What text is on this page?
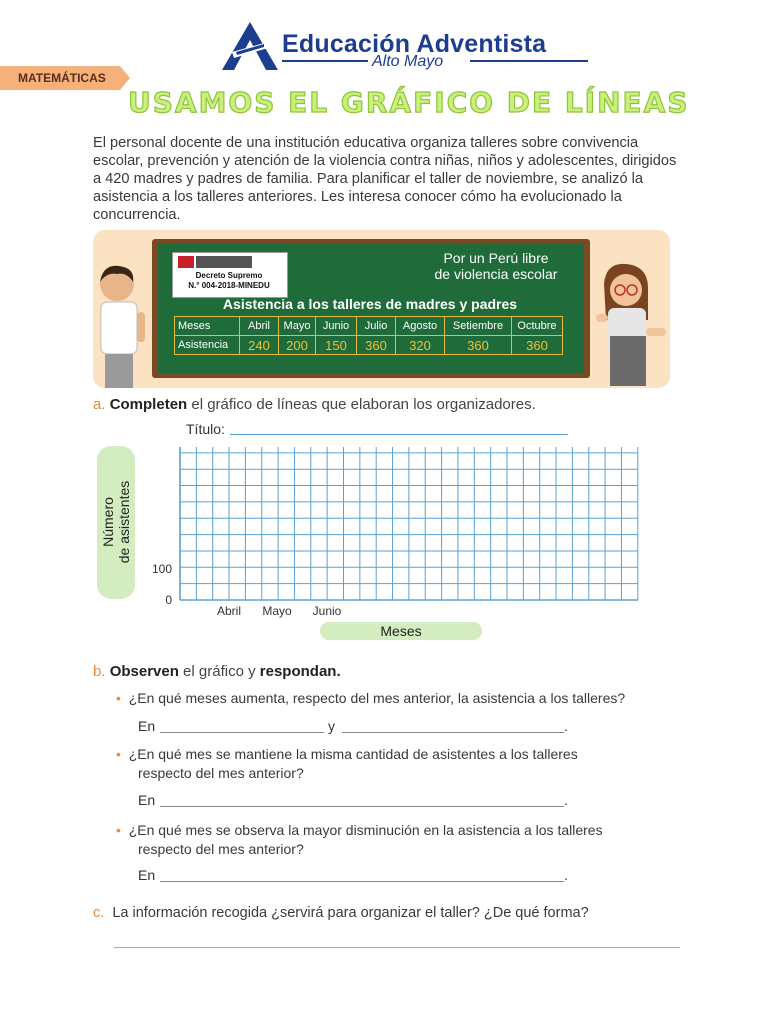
Educación Adventista
Alto Mayo
MATEMÁTICAS
USAMOS EL GRÁFICO DE LÍNEAS
El personal docente de una institución educativa organiza talleres sobre convivencia escolar, prevención y atención de la violencia contra niñas, niños y adolescentes, dirigidos a 420 madres y padres de familia. Para planificar el taller de noviembre, se analizó la asistencia a los talleres anteriores. Les interesa conocer cómo ha evolucionado la concurrencia.
Decreto Supremo
N.° 004-2018-MINEDU
Por un Perú libre
de violencia escolar
Asistencia a los talleres de madres y padres
Meses	Abril	Mayo	Junio	Julio	Agosto	Setiembre	Octubre
Asistencia	240	200	150	360	320	360	360
a. Completen el gráfico de líneas que elaboran los organizadores.
Título:
Número de asistentes
100
0
Abril Mayo Junio
Meses
b. Observen el gráfico y respondan.
• ¿En qué meses aumenta, respecto del mes anterior, la asistencia a los talleres?
En	y	.
• ¿En qué mes se mantiene la misma cantidad de asistentes a los talleres
respecto del mes anterior?
En	.
• ¿En qué mes se observa la mayor disminución en la asistencia a los talleres
respecto del mes anterior?
En	.
c. La información recogida ¿servirá para organizar el taller? ¿De qué forma?
